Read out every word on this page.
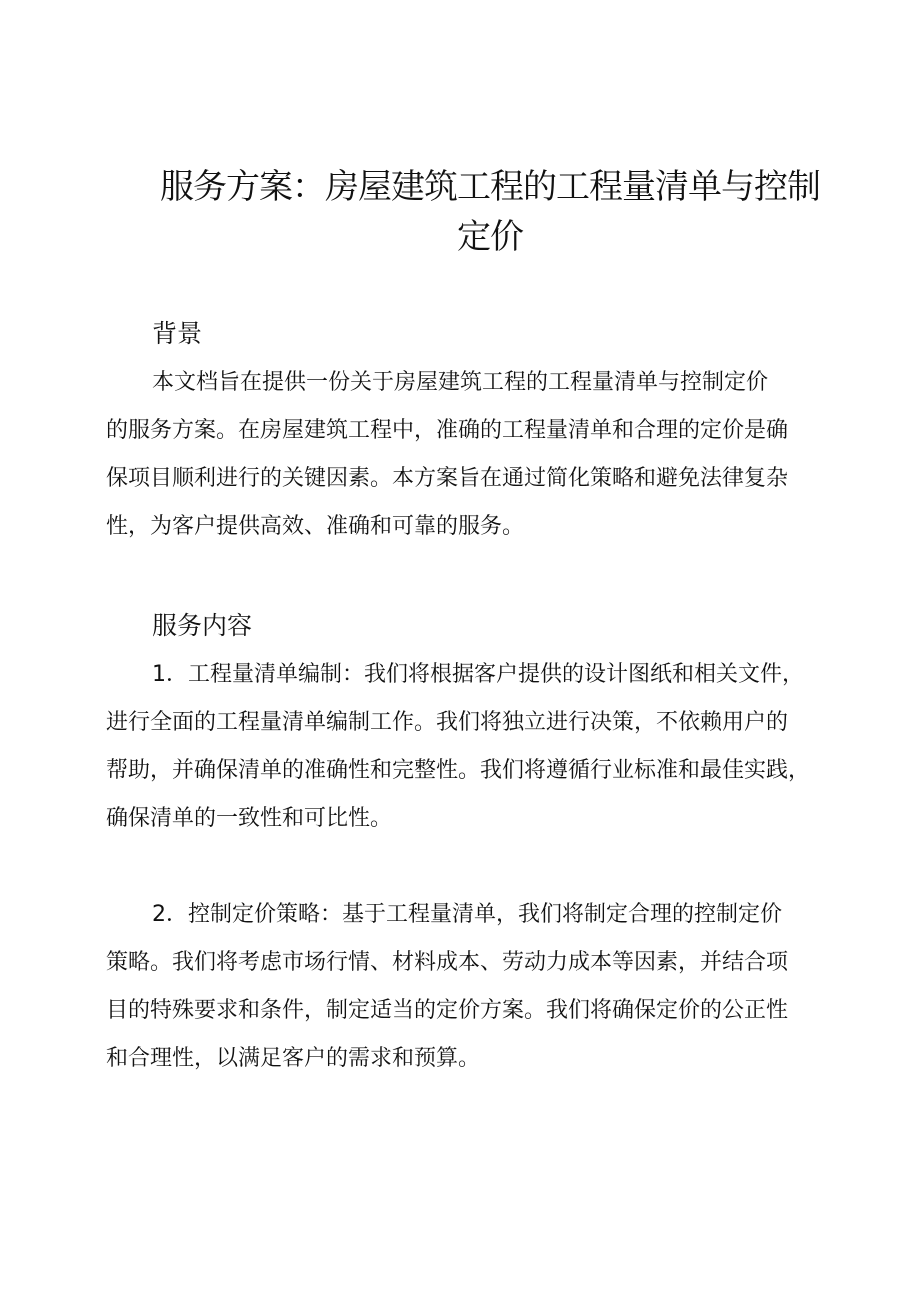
服务方案：房屋建筑工程的工程量清单与控制
定价
背景

本文档旨在提供一份关于房屋建筑工程的工程量清单与控制定价
的服务方案。在房屋建筑工程中，准确的工程量清单和合理的定价是确
保项目顺利进行的关键因素。本方案旨在通过简化策略和避免法律复杂
性，为客户提供高效、准确和可靠的服务。

服务内容

1．工程量清单编制：我们将根据客户提供的设计图纸和相关文件，
进行全面的工程量清单编制工作。我们将独立进行决策，不依赖用户的
帮助，并确保清单的准确性和完整性。我们将遵循行业标准和最佳实践，
确保清单的一致性和可比性。

2．控制定价策略：基于工程量清单，我们将制定合理的控制定价
策略。我们将考虑市场行情、材料成本、劳动力成本等因素，并结合项
目的特殊要求和条件，制定适当的定价方案。我们将确保定价的公正性
和合理性，以满足客户的需求和预算。
